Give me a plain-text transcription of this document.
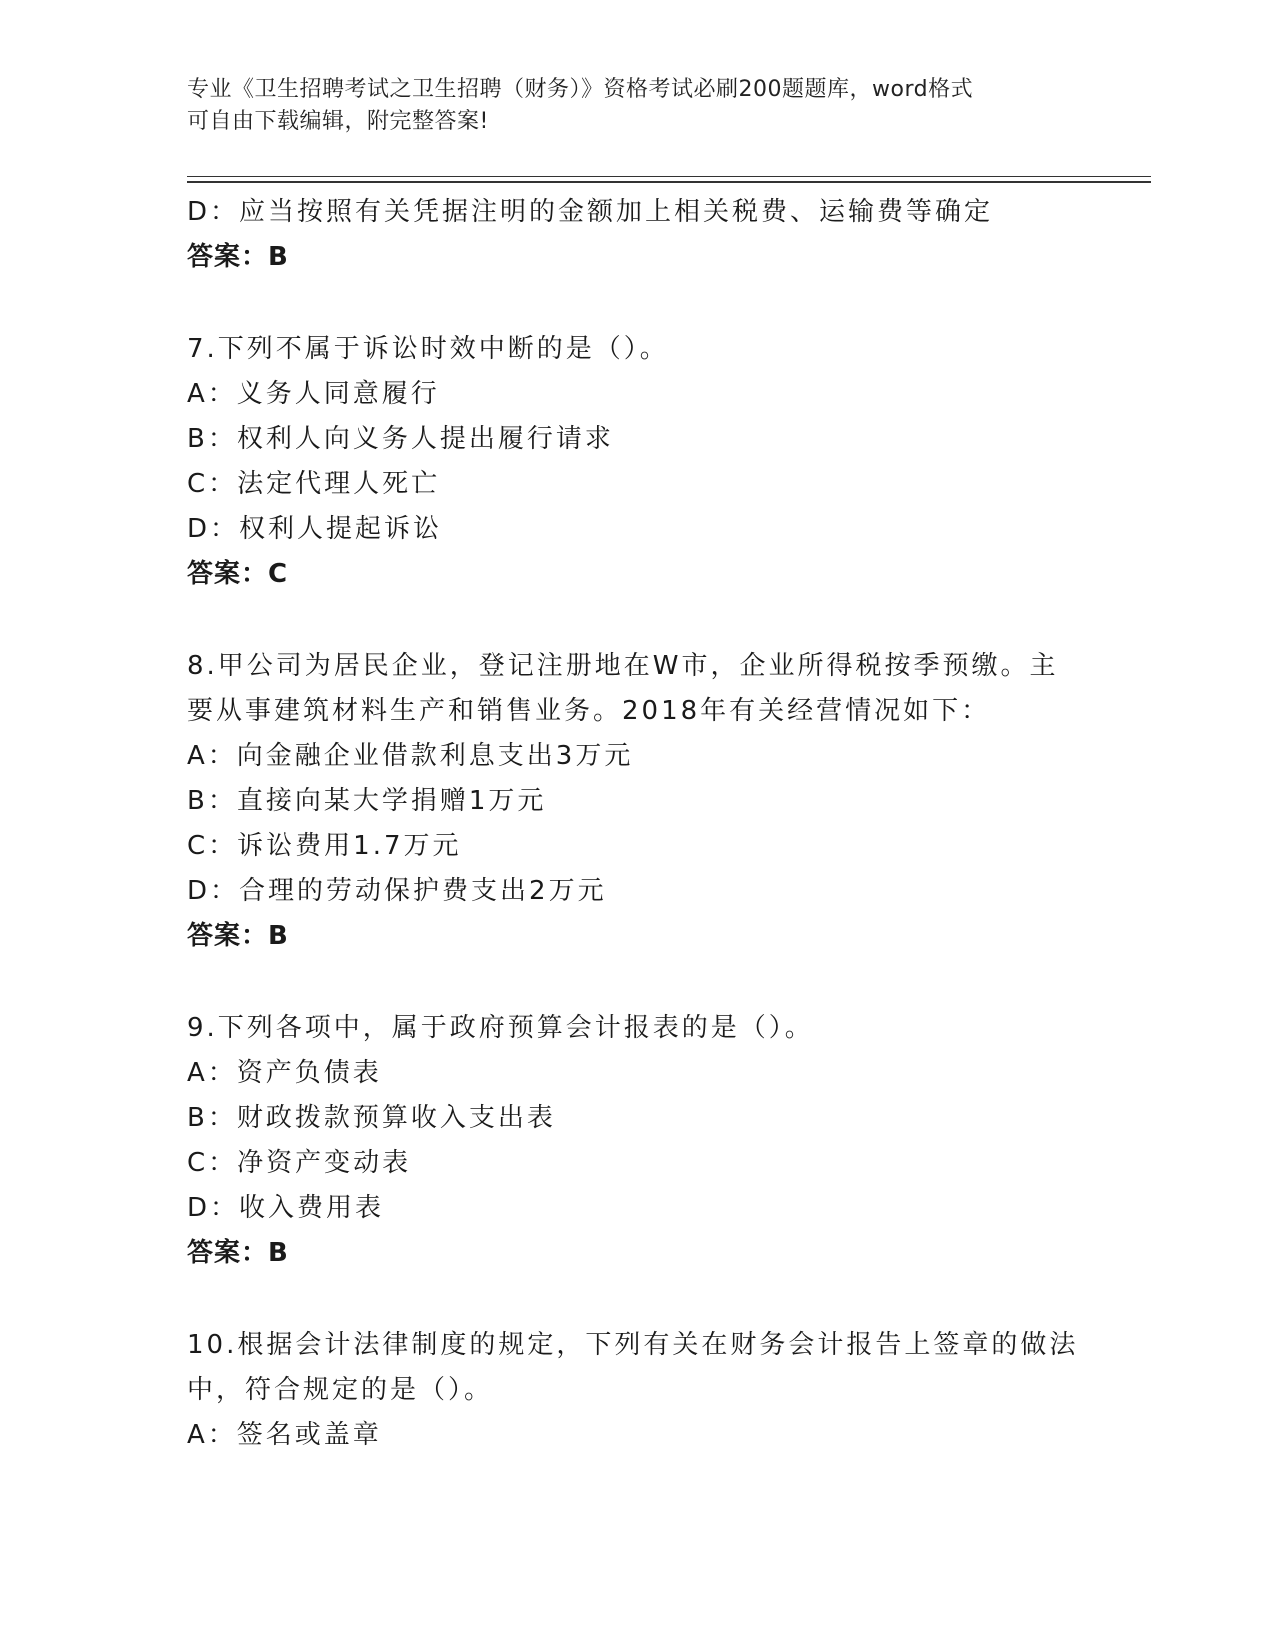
专业《卫生招聘考试之卫生招聘（财务）》资格考试必刷200题题库，word格式
可自由下载编辑，附完整答案!
D：应当按照有关凭据注明的金额加上相关税费、运输费等确定
答案：B
7.下列不属于诉讼时效中断的是（）。
A：义务人同意履行
B：权利人向义务人提出履行请求
C：法定代理人死亡
D：权利人提起诉讼
答案：C
8.甲公司为居民企业，登记注册地在W市，企业所得税按季预缴。主
要从事建筑材料生产和销售业务。2018年有关经营情况如下：
A：向金融企业借款利息支出3万元
B：直接向某大学捐赠1万元
C：诉讼费用1.7万元
D：合理的劳动保护费支出2万元
答案：B
9.下列各项中，属于政府预算会计报表的是（）。
A：资产负债表
B：财政拨款预算收入支出表
C：净资产变动表
D：收入费用表
答案：B
10.根据会计法律制度的规定，下列有关在财务会计报告上签章的做法
中，符合规定的是（）。
A：签名或盖章
